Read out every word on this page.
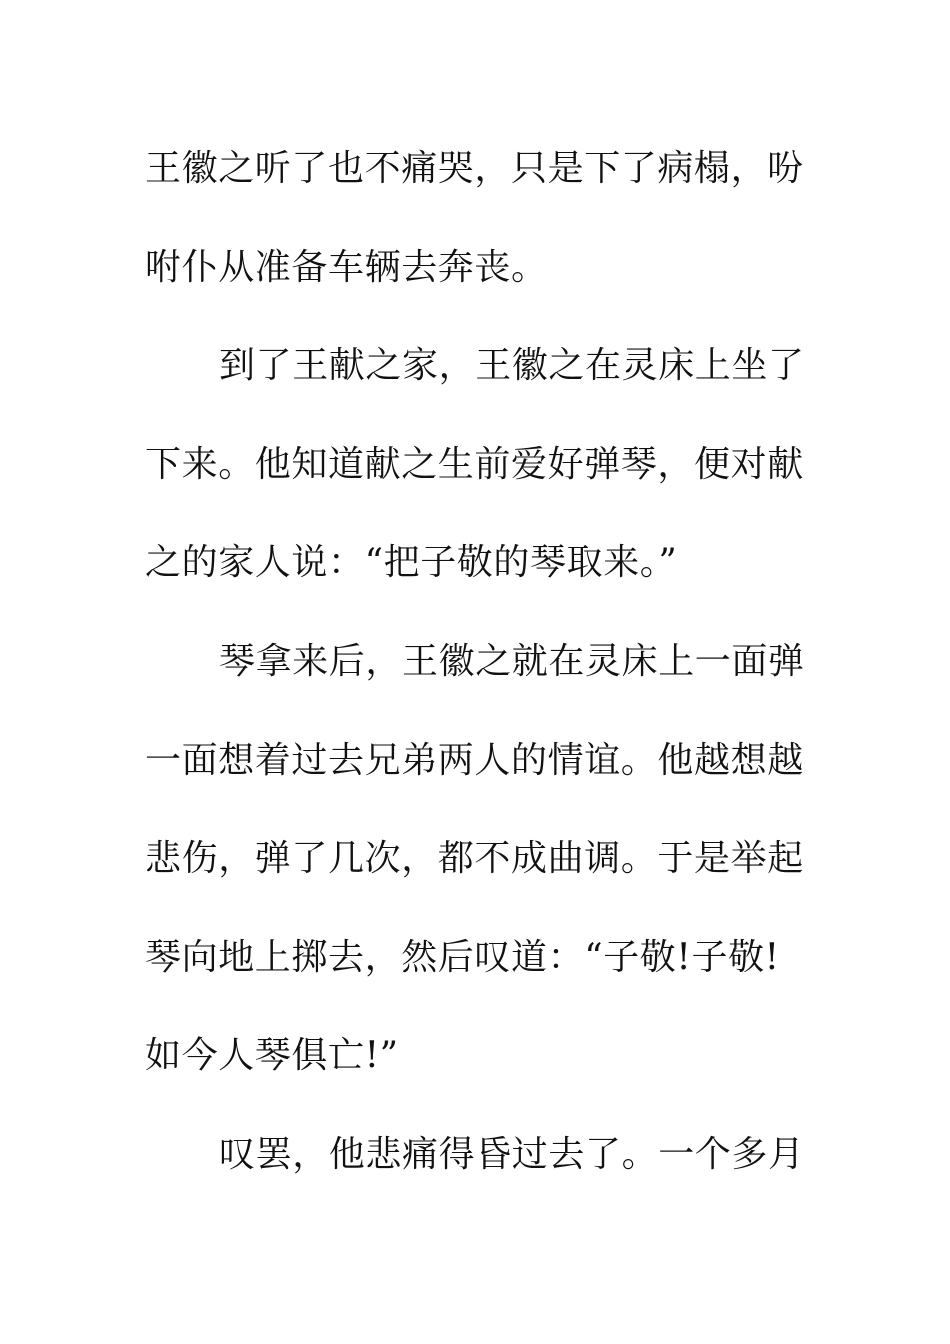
王徽之听了也不痛哭，只是下了病榻，吩
咐仆从准备车辆去奔丧。
到了王献之家，王徽之在灵床上坐了
下来。他知道献之生前爱好弹琴，便对献
之的家人说：“把子敬的琴取来。”
琴拿来后，王徽之就在灵床上一面弹
一面想着过去兄弟两人的情谊。他越想越
悲伤，弹了几次，都不成曲调。于是举起
琴向地上掷去，然后叹道：“子敬!子敬!
如今人琴俱亡!”
叹罢，他悲痛得昏过去了。一个多月
